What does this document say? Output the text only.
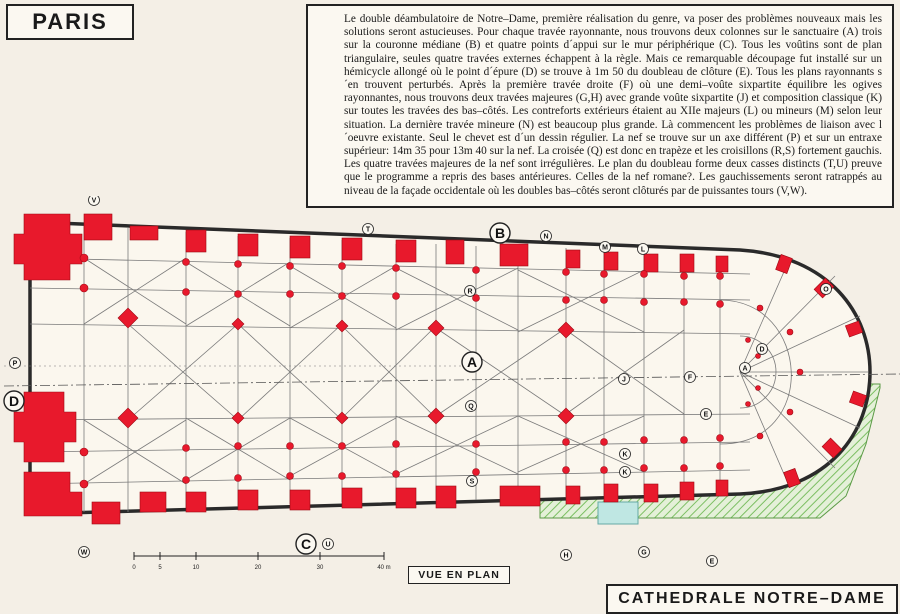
PARIS	Le double déambulatoire de Notre–Dame, première réalisation du genre, va poser des problèmes nouveaux mais les solutions seront astucieuses. Pour chaque travée rayonnante, nous trouvons deux colonnes sur le sanctuaire (A) trois sur la couronne médiane (B) et quatre points d´appui sur le mur périphérique (C). Tous les voûtins sont de plan triangulaire, seules quatre travées externes échappent à la règle. Mais ce remarquable découpage fut installé sur un hémicycle allongé où le point d´épure (D) se trouve à 1m 50 du doubleau de clôture (E). Tous les plans rayonnants s´en trouvent perturbés. Après la première travée droite (F) où une demi–voûte sixpartite équilibre les ogives rayonnantes, nous trouvons deux travées majeures (G,H) avec grande voûte sixpartite (J) et composition classique (K) sur toutes les travées des bas–côtés. Les contreforts extérieurs étaient au XIIe majeurs (L) ou mineurs (M) selon leur situation. La dernière travée mineure (N) est beaucoup plus grande. Là commencent les problèmes de liaison avec l´oeuvre existante. Seul le chevet est d´un dessin régulier. La nef se trouve sur un axe différent (P) et sur un entraxe supérieur: 14m 35 pour 13m 40 sur la nef. La croisée (Q) est donc en trapèze et les croisillons (R,S) fortement gauchis. Les quatre travées majeures de la nef sont irrégulières. Le plan du doubleau forme deux casses distincts (T,U) preuve que le programme a repris des bases antérieures. Celles de la nef romane?. Les gauchissements seront ratrappés au niveau de la façade occidentale où les doubles bas–côtés seront clôturés par de puissantes tours (V,W).

A
B
C
D
V
T
N
M	L
R	O
P
D
A
J	F
E
Q
K
K
S
W
U
H	G
E
0	5	10	20	30	40 m
VUE EN PLAN
CATHEDRALE NOTRE–DAME
